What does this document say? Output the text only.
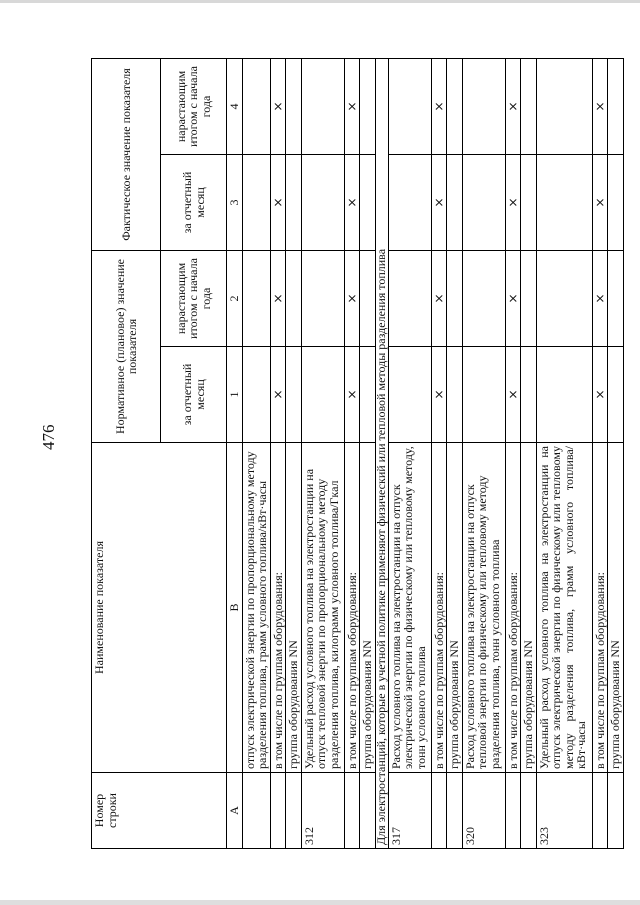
476
Номер строки	Наименование показателя	Нормативное (плановое) значение показателя		Фактическое значение показателя	
		за отчетный месяц	нарастающим итогом с начала года	за отчетный месяц	нарастающим итогом с начала года
А	В	1	2	3	4
	отпуск электрической энергии по пропорциональному методу разделения топлива, грамм условного топлива/кВт·часы				
	в том числе по группам оборудования:	×	×	×	×
	группа оборудования NN				
312	Удельный расход условного топлива на электростанции на отпуск тепловой энергии по пропорциональному методу разделения топлива, килограмм условного топлива/Гкал				
	в том числе по группам оборудования:	×	×	×	×
	группа оборудования NN				
Для электростанций, которые в учетной политике применяют физический или тепловой методы разделения топлива					
317	Расход условного топлива на электростанции на отпуск электрической энергии по физическому или тепловому методу, тонн условного топлива				
	в том числе по группам оборудования:	×	×	×	×
	группа оборудования NN				
320	Расход условного топлива на электростанции на отпуск тепловой энергии по физическому или тепловому методу разделения топлива, тонн условного топлива				
	в том числе по группам оборудования:	×	×	×	×
	группа оборудования NN				
323	Удельный расход условного топлива на электростанции на отпуск электрической энергии по физическому или тепловому методу разделения топлива, грамм условного топлива/кВт·часы				
	в том числе по группам оборудования:	×	×	×	×
	группа оборудования NN				
